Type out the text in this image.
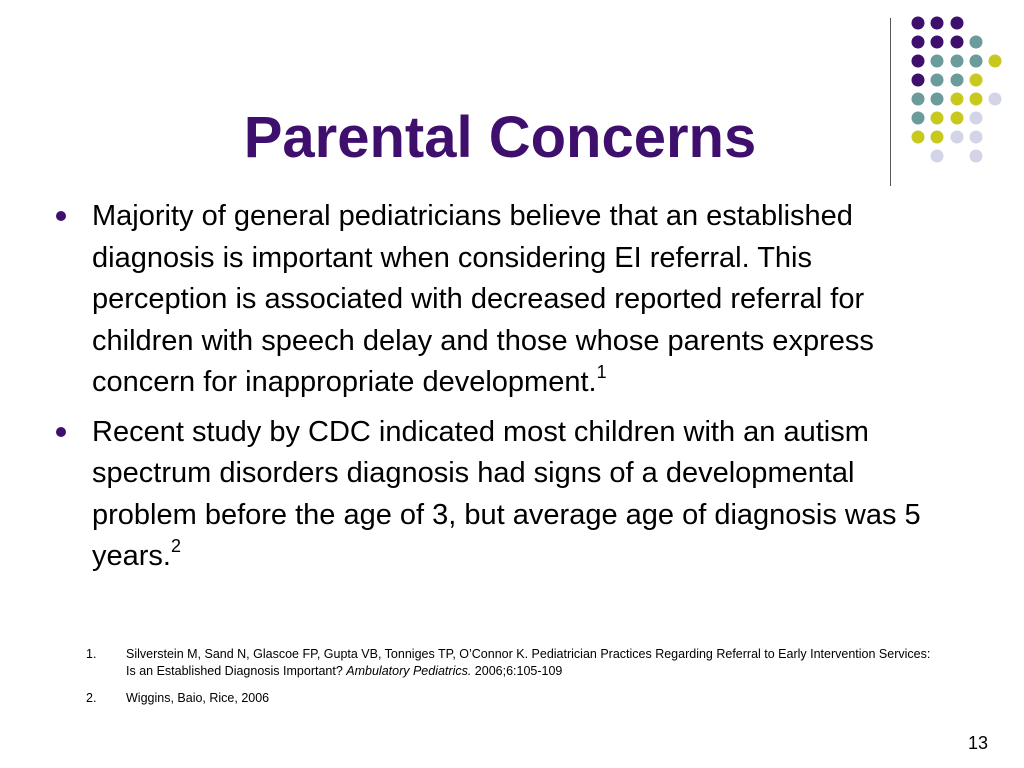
Parental Concerns
Majority of general pediatricians believe that an established diagnosis is important when considering EI referral. This perception is associated with decreased reported referral for children with speech delay and those whose parents express concern for inappropriate development.$^1$
Recent study by CDC indicated most children with an autism spectrum disorders diagnosis had signs of a developmental problem before the age of 3, but average age of diagnosis was 5 years.$^2$
1. Silverstein M, Sand N, Glascoe FP, Gupta VB, Tonniges TP, O’Connor K. Pediatrician Practices Regarding Referral to Early Intervention Services: Is an Established Diagnosis Important? Ambulatory Pediatrics. 2006;6:105-109
2. Wiggins, Baio, Rice, 2006
13
